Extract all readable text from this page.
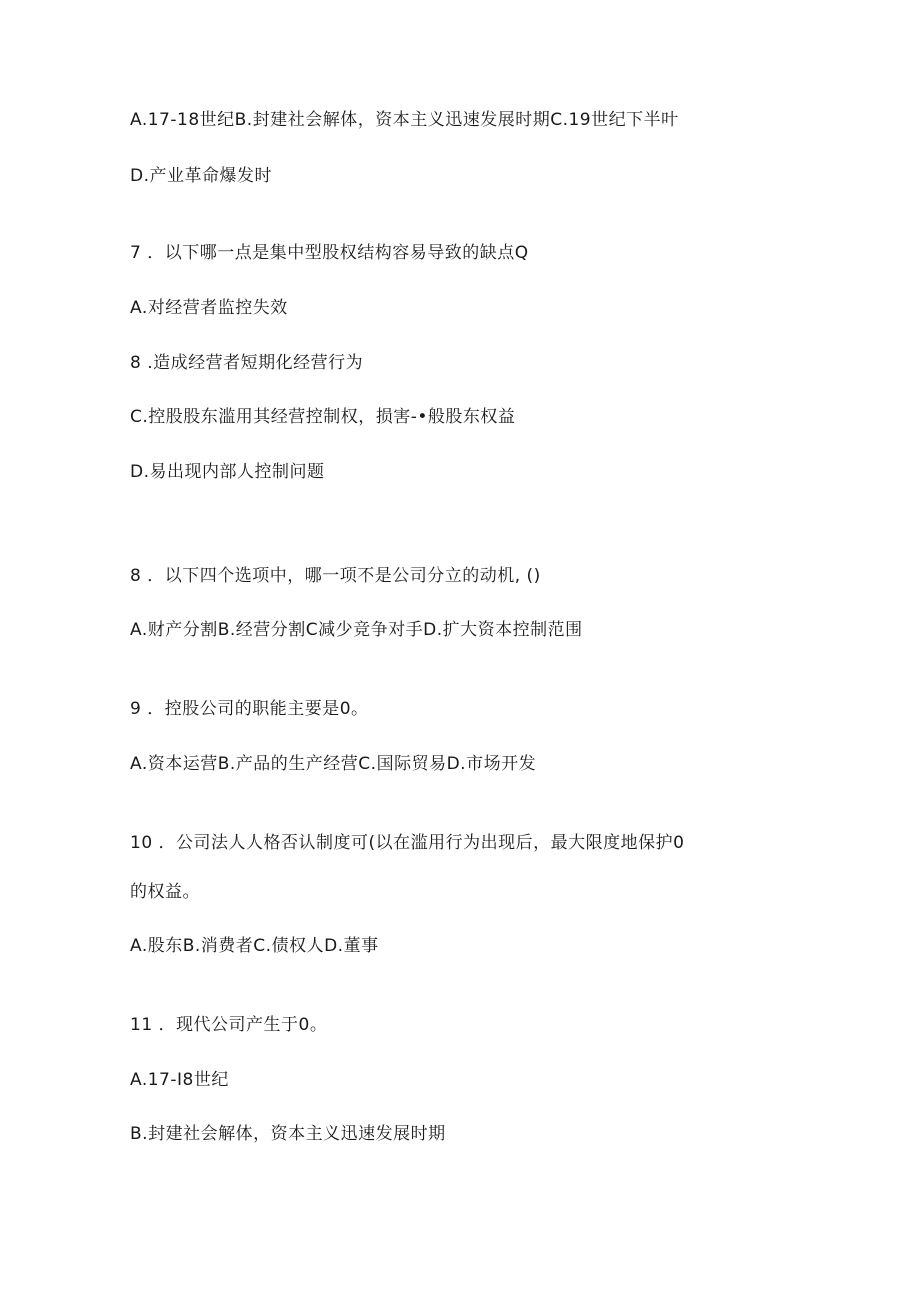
A.17-18世纪B.封建社会解体，资本主义迅速发展时期C.19世纪下半叶
D.产业革命爆发时
7 ．以下哪一点是集中型股权结构容易导致的缺点Q
A.对经营者监控失效
8 .造成经营者短期化经营行为
C.控股股东滥用其经营控制权，损害-•般股东权益
D.易出现内部人控制问题
8 ．以下四个选项中，哪一项不是公司分立的动机, ()
A.财产分割B.经营分割C减少竞争对手D.扩大资本控制范围
9 ．控股公司的职能主要是0。
A.资本运营B.产品的生产经营C.国际贸易D.市场开发
10 ．公司法人人格否认制度可(以在滥用行为出现后，最大限度地保护0
的权益。
A.股东B.消费者C.债权人D.董事
11 ．现代公司产生于0。
A.17-I8世纪
B.封建社会解体，资本主义迅速发展时期
